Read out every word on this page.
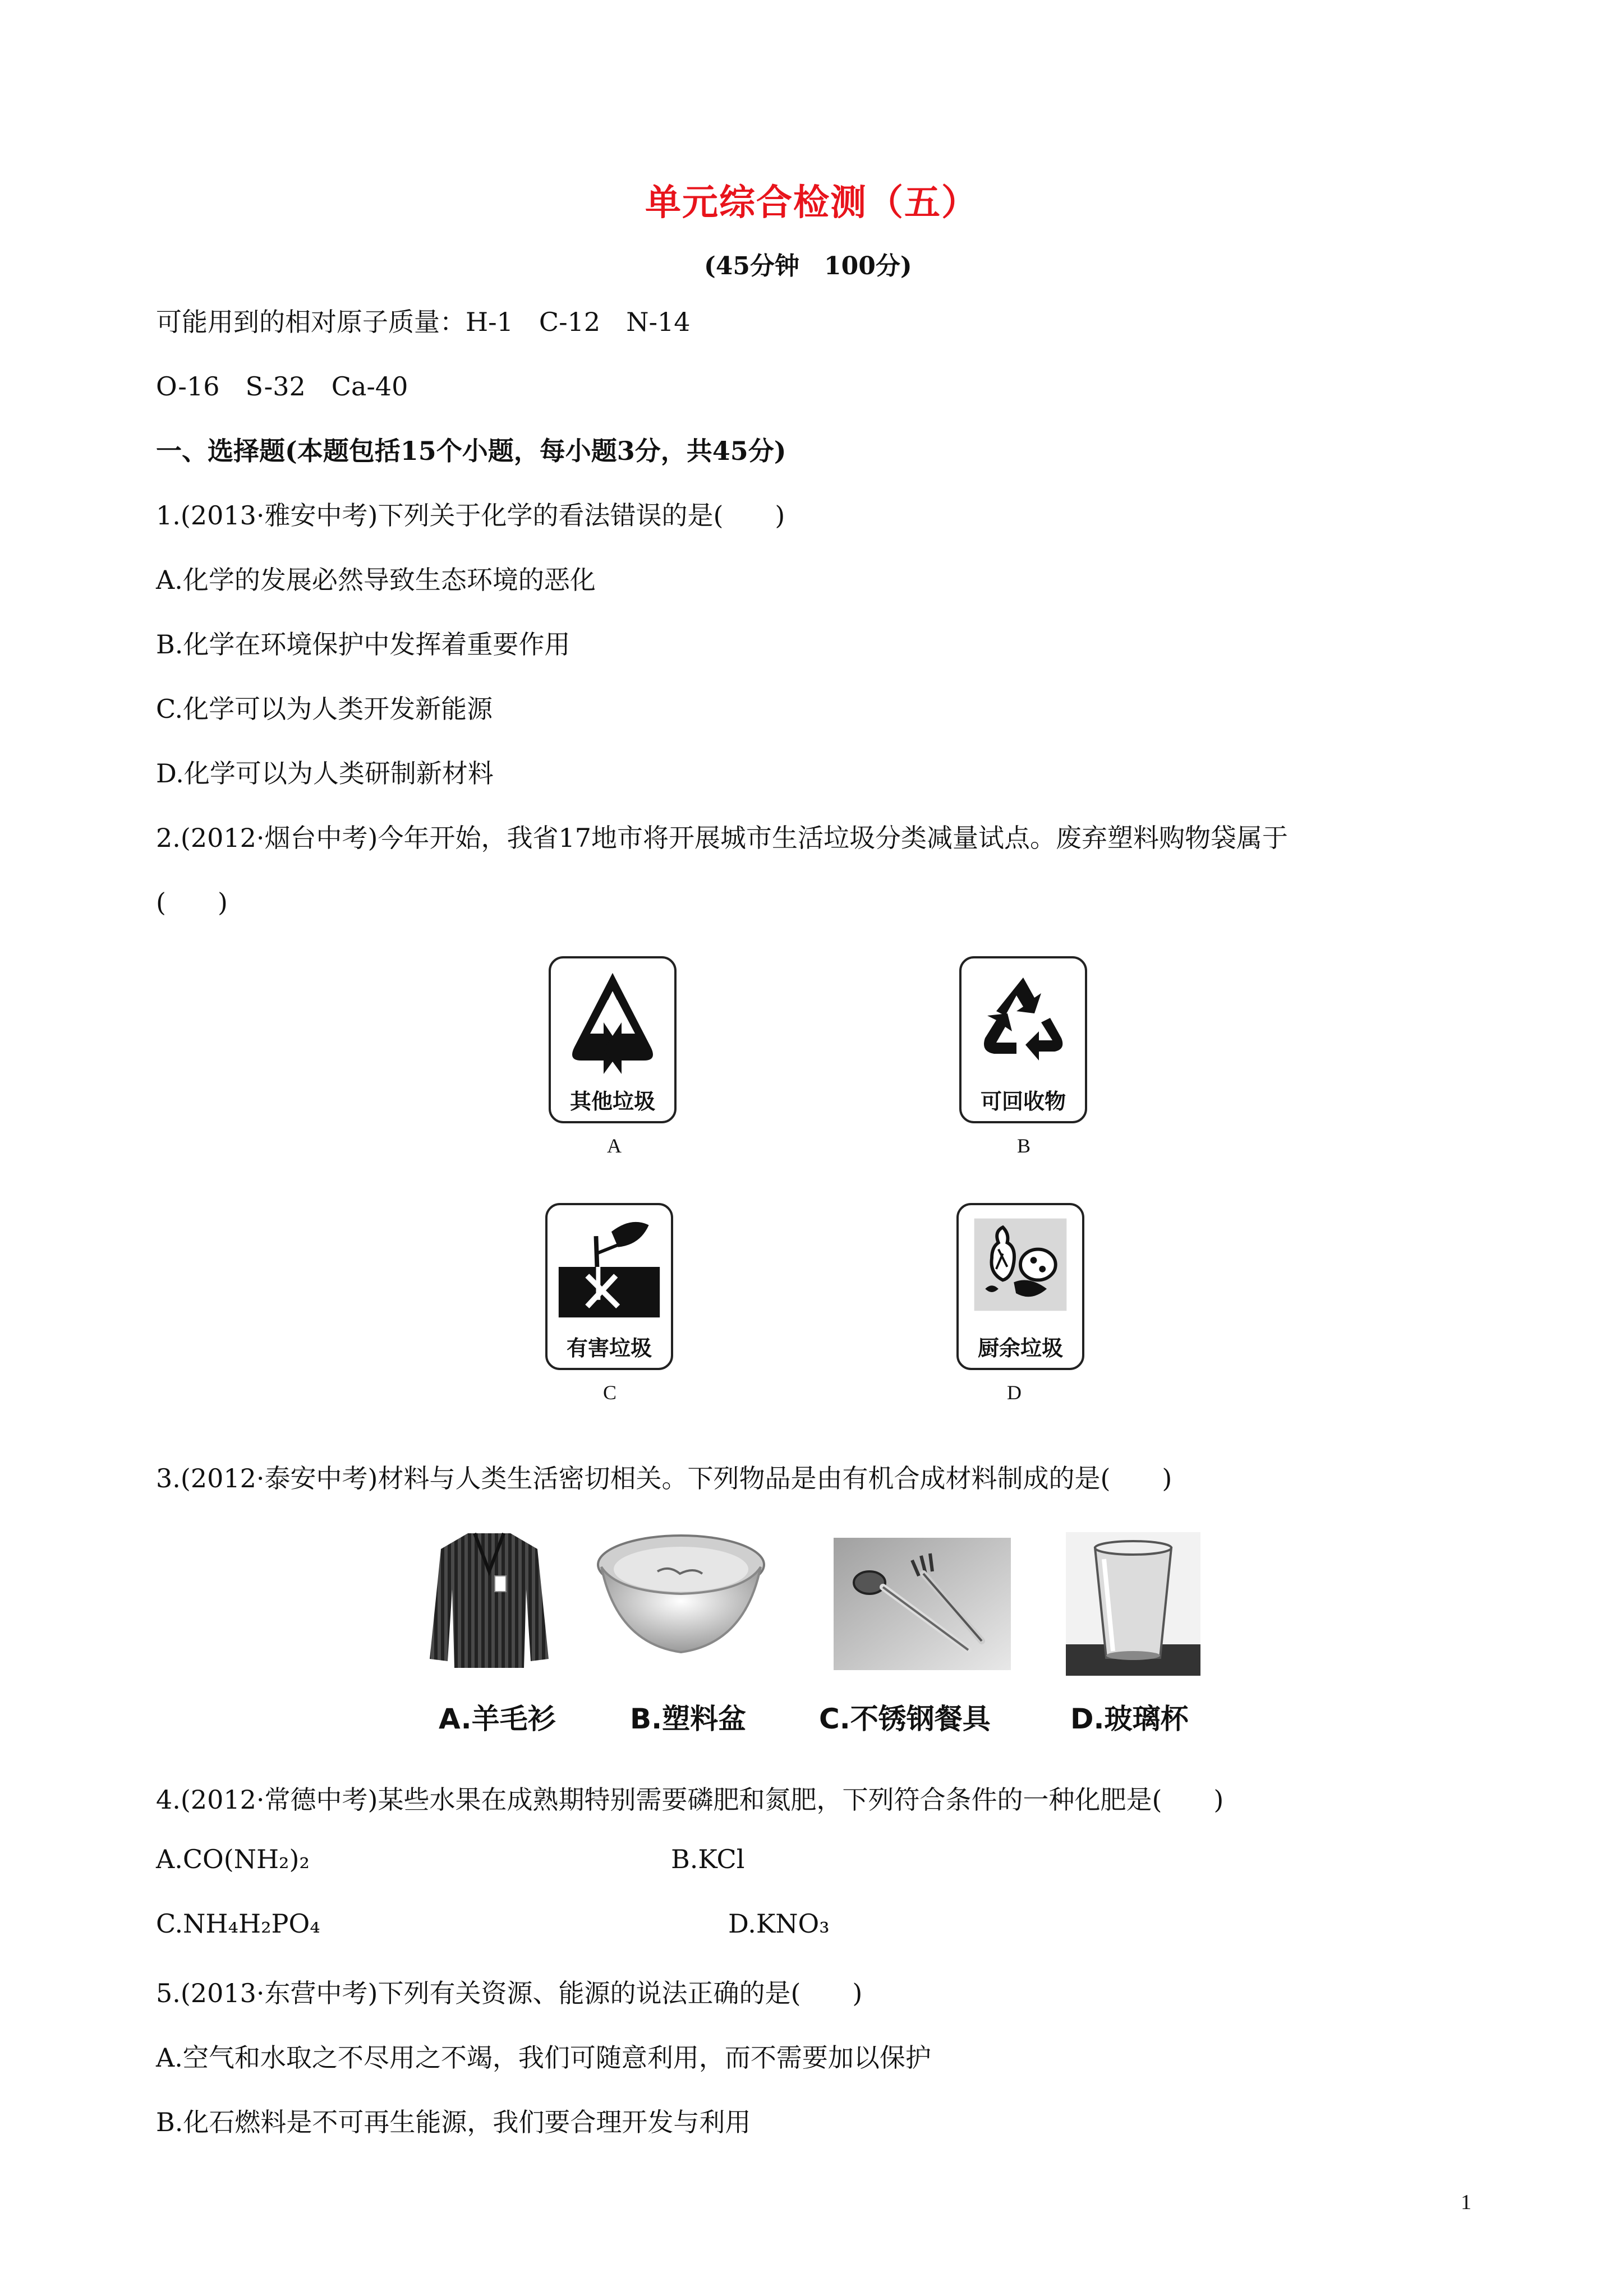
单元综合检测（五）
(45分钟　100分)
可能用到的相对原子质量：H-1　C-12　N-14
O-16　S-32　Ca-40
一、选择题(本题包括15个小题，每小题3分，共45分)
1.(2013·雅安中考)下列关于化学的看法错误的是(　　)
A.化学的发展必然导致生态环境的恶化
B.化学在环境保护中发挥着重要作用
C.化学可以为人类开发新能源
D.化学可以为人类研制新材料
2.(2012·烟台中考)今年开始，我省17地市将开展城市生活垃圾分类减量试点。废弃塑料购物袋属于
(　　)
其他垃圾
A
可回收物
B
有害垃圾
C
厨余垃圾
D
3.(2012·泰安中考)材料与人类生活密切相关。下列物品是由有机合成材料制成的是(　　)
A.羊毛衫	B.塑料盆	C.不锈钢餐具	D.玻璃杯
4.(2012·常德中考)某些水果在成熟期特别需要磷肥和氮肥，下列符合条件的一种化肥是(　　)
A.CO(NH₂)₂	B.KCl
C.NH₄H₂PO₄	D.KNO₃
5.(2013·东营中考)下列有关资源、能源的说法正确的是(　　)
A.空气和水取之不尽用之不竭，我们可随意利用，而不需要加以保护
B.化石燃料是不可再生能源，我们要合理开发与利用
1
